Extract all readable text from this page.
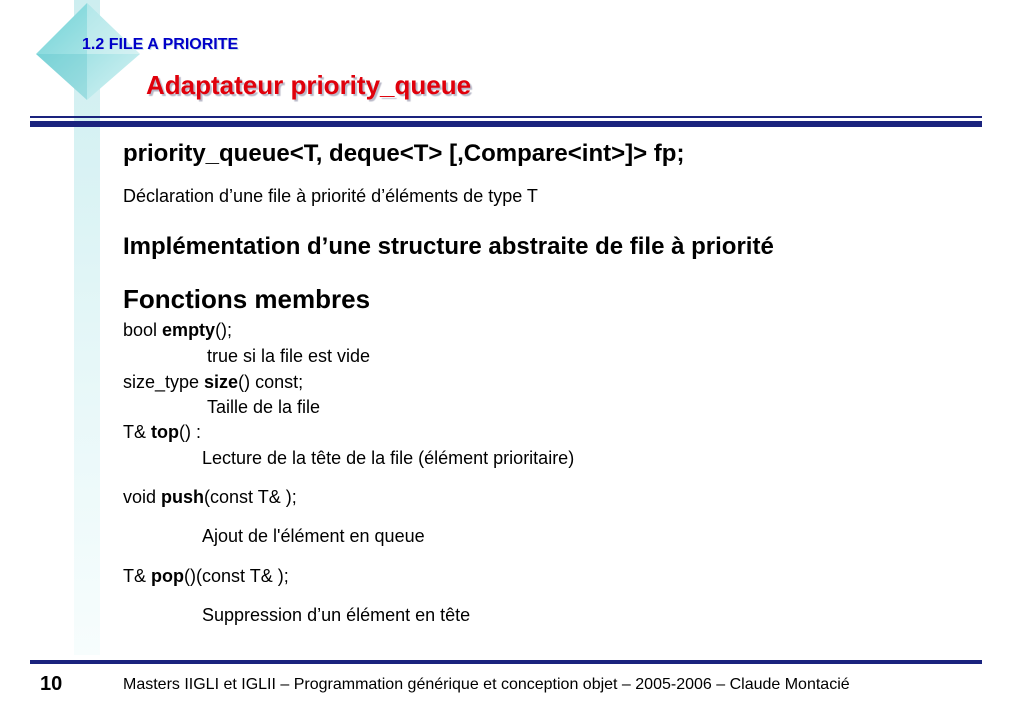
1.2 FILE A PRIORITE
Adaptateur priority_queue
priority_queue<T, deque<T> [,Compare<int>]> fp;
Déclaration d’une file à priorité d’éléments de type T
Implémentation d’une structure abstraite de file à priorité
Fonctions membres
bool empty();
true si la file est vide
size_type size() const;
Taille de la file
T& top() :
Lecture de la tête de la file (élément prioritaire)
void push(const T& );
Ajout de l'élément en queue
T& pop()(const T& );
Suppression d’un élément en tête
10	Masters IIGLI et IGLII – Programmation générique et conception objet – 2005-2006 – Claude Montacié
